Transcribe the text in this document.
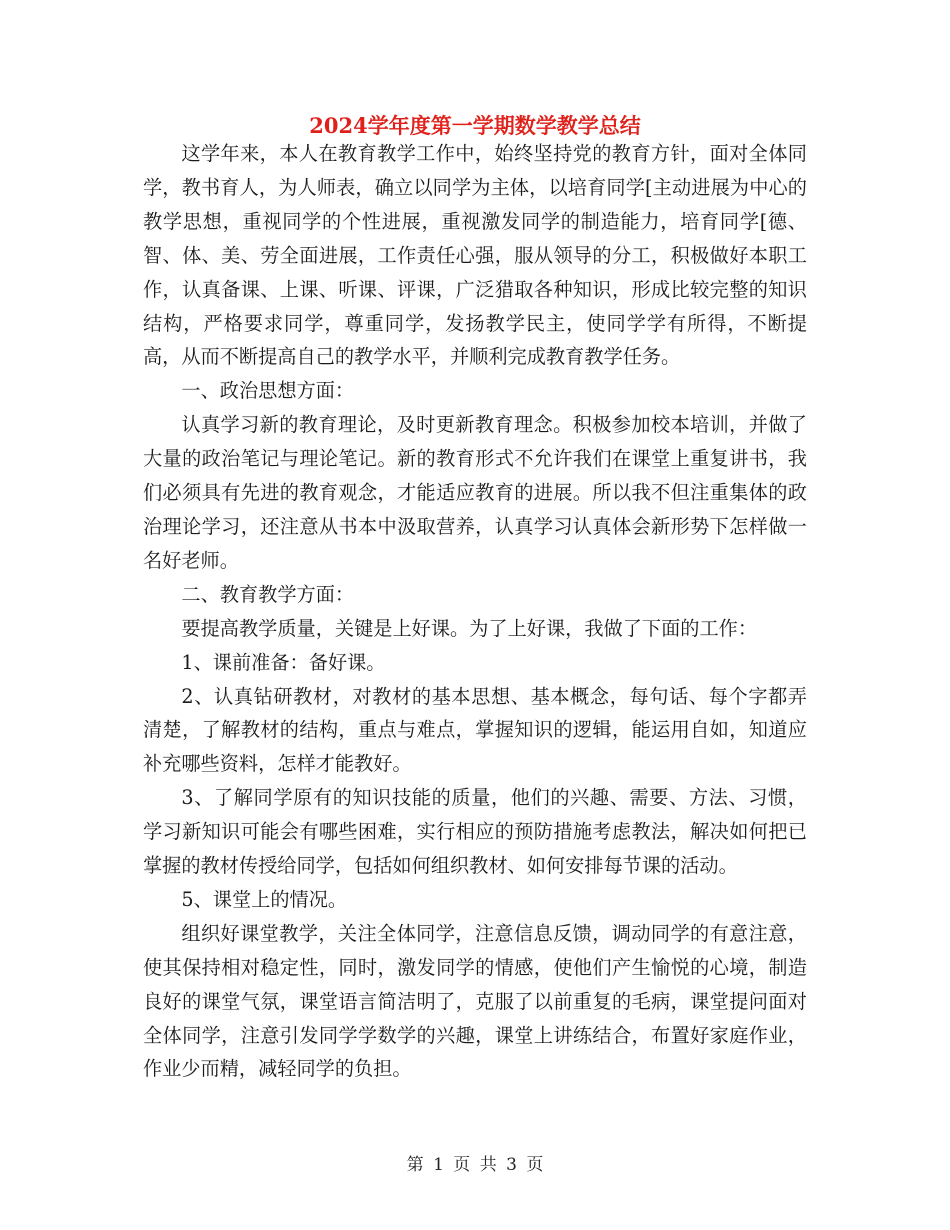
2024学年度第一学期数学教学总结

这学年来，本人在教育教学工作中，始终坚持党的教育方针，面对全体同学，教书育人，为人师表，确立以同学为主体，以培育同学[主动进展为中心的教学思想，重视同学的个性进展，重视激发同学的制造能力，培育同学[德、智、体、美、劳全面进展，工作责任心强，服从领导的分工，积极做好本职工作，认真备课、上课、听课、评课，广泛猎取各种知识，形成比较完整的知识结构，严格要求同学，尊重同学，发扬教学民主，使同学学有所得，不断提高，从而不断提高自己的教学水平，并顺利完成教育教学任务。

一、政治思想方面：

认真学习新的教育理论，及时更新教育理念。积极参加校本培训，并做了大量的政治笔记与理论笔记。新的教育形式不允许我们在课堂上重复讲书，我们必须具有先进的教育观念，才能适应教育的进展。所以我不但注重集体的政治理论学习，还注意从书本中汲取营养，认真学习认真体会新形势下怎样做一名好老师。

二、教育教学方面：

要提高教学质量，关键是上好课。为了上好课，我做了下面的工作：

1、课前准备：备好课。

2、认真钻研教材，对教材的基本思想、基本概念，每句话、每个字都弄清楚，了解教材的结构，重点与难点，掌握知识的逻辑，能运用自如，知道应补充哪些资料，怎样才能教好。

3、了解同学原有的知识技能的质量，他们的兴趣、需要、方法、习惯，学习新知识可能会有哪些困难，实行相应的预防措施考虑教法，解决如何把已掌握的教材传授给同学，包括如何组织教材、如何安排每节课的活动。

5、课堂上的情况。

组织好课堂教学，关注全体同学，注意信息反馈，调动同学的有意注意，使其保持相对稳定性，同时，激发同学的情感，使他们产生愉悦的心境，制造良好的课堂气氛，课堂语言简洁明了，克服了以前重复的毛病，课堂提问面对全体同学，注意引发同学学数学的兴趣，课堂上讲练结合，布置好家庭作业，作业少而精，减轻同学的负担。

第 1 页 共 3 页
